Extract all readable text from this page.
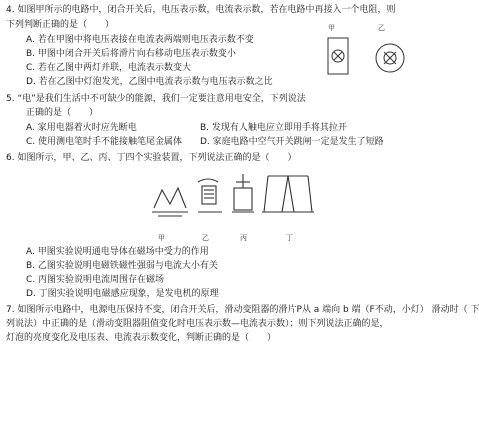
4. 如图甲所示的电路中，闭合开关后，电压表示数，电流表示数，若在电路中再接入一个电阻，则
下列判断正确的是（　　）	甲	乙
A. 若在甲图中将电压表接在电流表两端则电压表示数不变
B. 甲图中闭合开关后将滑片向右移动电压表示数变小
C. 若在乙图中两灯并联，电流表示数变大
D. 若在乙图中灯泡发光，乙图中电流表示数与电压表示数之比
5. “电”是我们生活中不可缺少的能源，我们一定要注意用电安全，下列说法
正确的是（　　）
A. 家用电器着火时应先断电	B. 发现有人触电应立即用手将其拉开
C. 使用测电笔时手不能接触笔尾金属体 D. 家庭电路中空气开关跳闸一定是发生了短路
6. 如图所示，甲、乙、丙、丁四个实验装置，下列说法正确的是（　　）
甲	乙	丙	丁
A. 甲图实验说明通电导体在磁场中受力的作用
B. 乙图实验说明电磁铁磁性强弱与电流大小有关
C. 丙图实验说明电流周围存在磁场
D. 丁图实验说明电磁感应现象，是发电机的原理
7. 如图所示电路中，电源电压保持不变，闭合开关后，滑动变阻器的滑片P从 a 端向 b 端（F不动，小灯） 滑动时（ 下
列说法）中正确的是（滑动变阻器阻值变化时电压表示数—电流表示数）；则下列说法正确的是，
灯泡的亮度变化及电压表、电流表示数变化，判断正确的是（　　）
